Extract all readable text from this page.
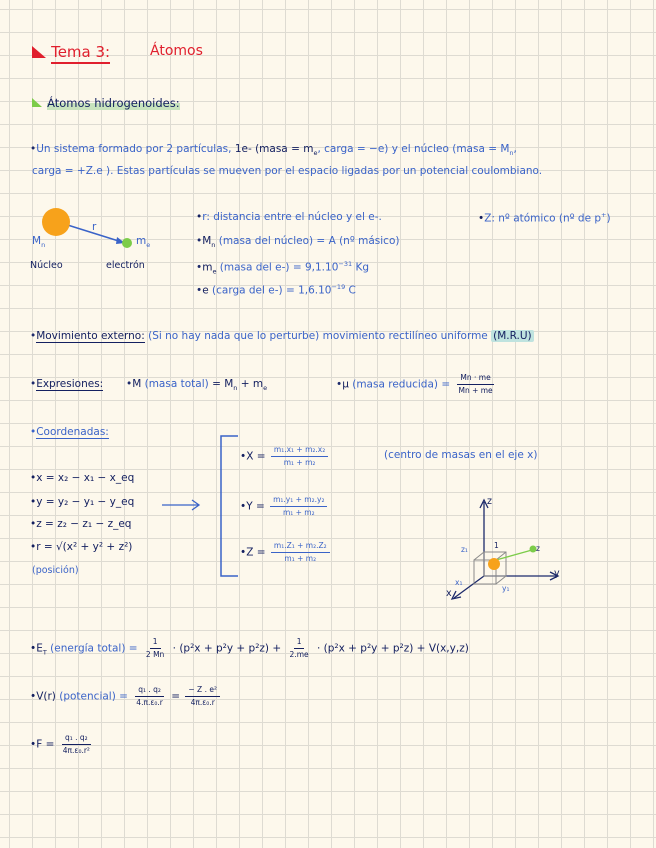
Tema 3:	Átomos
Átomos hidrogenoides:
•Un sistema formado por 2 partículas, 1e- (masa = $m_e$, carga = −e) y el núcleo (masa = $M_n$,
carga = +Z.e ). Estas partículas se mueven por el espacio ligadas por un potencial coulombiano.
r
$M_n$	$m_e$
Núcleo	electrón
•r: distancia entre el núcleo y el e-.	•Z: nº atómico (nº de p+)
$•M_n$ (masa del núcleo) = A (nº másico)
$•m_e$ (masa del $e-) = 9,1.10^{-31}$ Kg
•e (carga del $e-) = 1,6.10^{-19}$ C
•Movimiento externo: (Si no hay nada que lo perturbe) movimiento rectilíneo uniforme (M.R.U)
•Expresiones: •M (masa total) = $M_n + m_e$	•μ (masa reducida) = $\frac{Mn \cdot me}{Mn + me}$
•Coordenadas:
•x = x₂ − x₁ − x_eq
•y = y₂ − y₁ − y_eq
•z = z₂ − z₁ − z_eq
•r = √(x² + y² + z²)
(posición)
•X = $\frac{\text{m₁.x₁ + m₂.x₂}}{\text{m₁ + m₂}}$	(centro de masas en el eje x)
•Y = $\frac{\text{m₁.y₁ + m₂.y₂}}{\text{m₁ + m₂}}$
•Z = $\frac{\text{m₁.Z₁ + m₂.Z₂}}{\text{m₁ + m₂}}$
z
y
x
z₁	1	z
x₁
y₁
$•E_T$ (energía total) = $\frac{1}{2 Mn} \cdot (p^2x + p^2y + p^2z) + \frac{1}{2.me} \cdot (p^2x + p^2y + p^2z) + V(x,y,z)$
•V(r) (potencial) = $\frac{\text{q₁ . q₂}}{\text{4.π.ε₀.r}} = \frac{\text{− Z . e²}}{\text{4π.ε₀.r}}$
•F = $\frac{\text{q₁ . q₂}}{\text{4π.ε₀.r²}}$
